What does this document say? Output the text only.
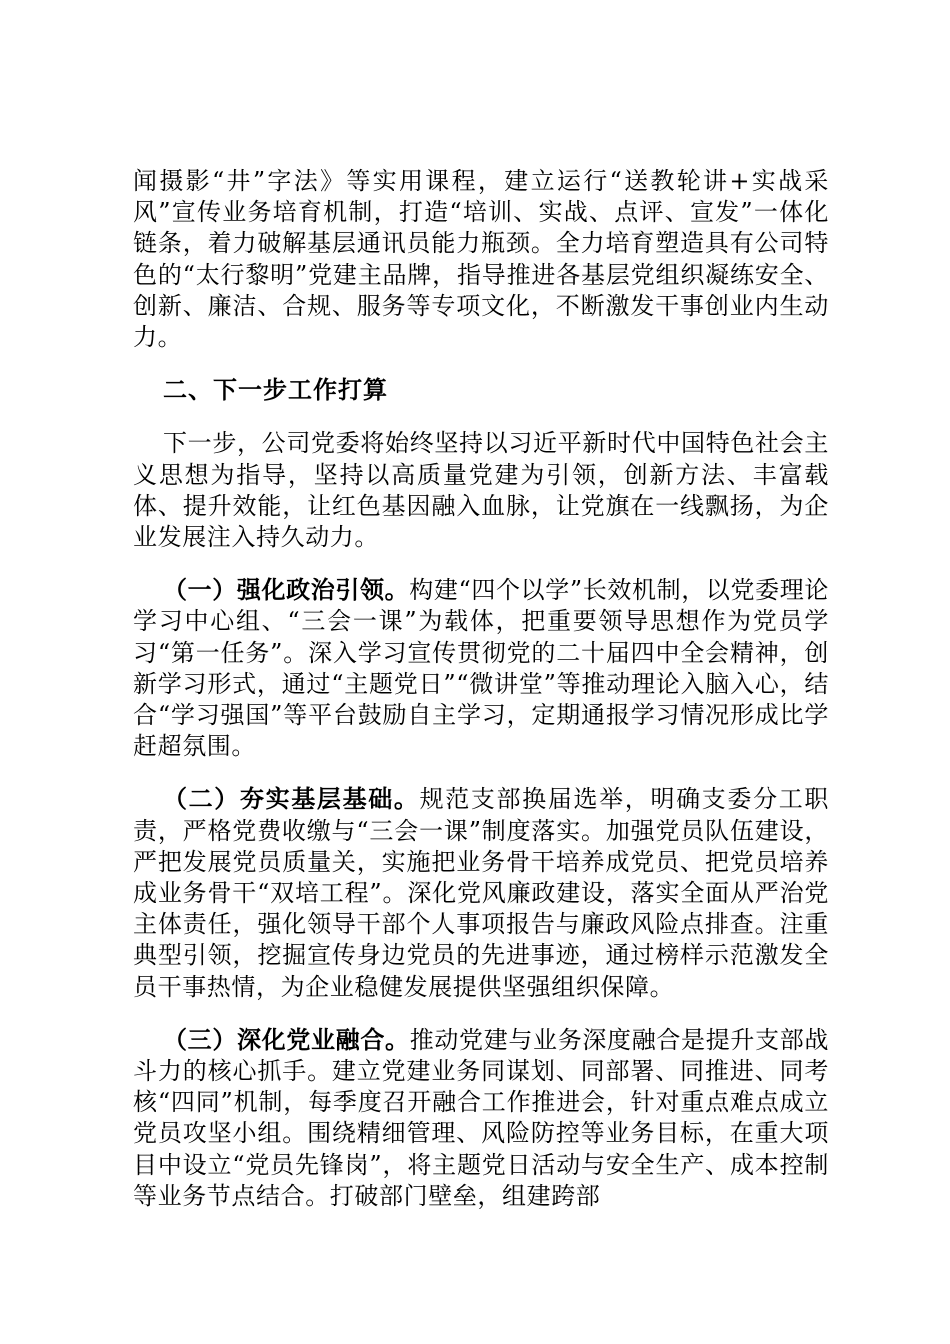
闻摄影“井”字法》等实用课程，建立运行“送教轮讲+实战采风”宣传业务培育机制，打造“培训、实战、点评、宣发”一体化链条，着力破解基层通讯员能力瓶颈。全力培育塑造具有公司特色的“太行黎明”党建主品牌，指导推进各基层党组织凝练安全、创新、廉洁、合规、服务等专项文化，不断激发干事创业内生动力。

二、下一步工作打算

下一步，公司党委将始终坚持以习近平新时代中国特色社会主义思想为指导，坚持以高质量党建为引领，创新方法、丰富载体、提升效能，让红色基因融入血脉，让党旗在一线飘扬，为企业发展注入持久动力。

（一）强化政治引领。构建“四个以学”长效机制，以党委理论学习中心组、“三会一课”为载体，把重要领导思想作为党员学习“第一任务”。深入学习宣传贯彻党的二十届四中全会精神，创新学习形式，通过“主题党日”“微讲堂”等推动理论入脑入心，结合“学习强国”等平台鼓励自主学习，定期通报学习情况形成比学赶超氛围。

（二）夯实基层基础。规范支部换届选举，明确支委分工职责，严格党费收缴与“三会一课”制度落实。加强党员队伍建设，严把发展党员质量关，实施把业务骨干培养成党员、把党员培养成业务骨干“双培工程”。深化党风廉政建设，落实全面从严治党主体责任，强化领导干部个人事项报告与廉政风险点排查。注重典型引领，挖掘宣传身边党员的先进事迹，通过榜样示范激发全员干事热情，为企业稳健发展提供坚强组织保障。

（三）深化党业融合。推动党建与业务深度融合是提升支部战斗力的核心抓手。建立党建业务同谋划、同部署、同推进、同考核“四同”机制，每季度召开融合工作推进会，针对重点难点成立党员攻坚小组。围绕精细管理、风险防控等业务目标，在重大项目中设立“党员先锋岗”，将主题党日活动与安全生产、成本控制等业务节点结合。打破部门壁垒，组建跨部
